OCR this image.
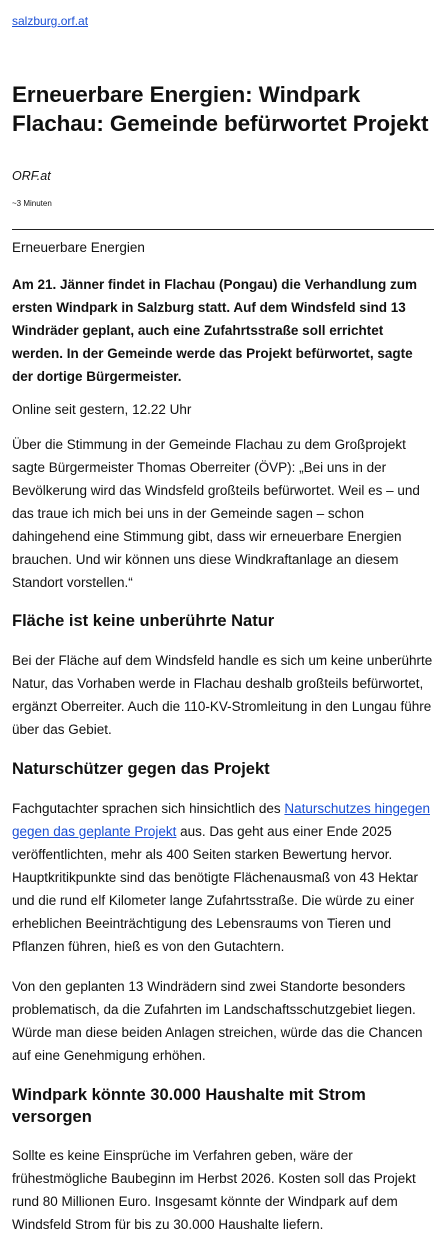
salzburg.orf.at
Erneuerbare Energien: Windpark Flachau: Gemeinde befürwortet Projekt
ORF.at
~3 Minuten
Erneuerbare Energien

Am 21. Jänner findet in Flachau (Pongau) die Verhandlung zum ersten Windpark in Salzburg statt. Auf dem Windsfeld sind 13 Windräder geplant, auch eine Zufahrtsstraße soll errichtet werden. In der Gemeinde werde das Projekt befürwortet, sagte der dortige Bürgermeister.

Online seit gestern, 12.22 Uhr

Über die Stimmung in der Gemeinde Flachau zu dem Großprojekt sagte Bürgermeister Thomas Oberreiter (ÖVP): „Bei uns in der Bevölkerung wird das Windsfeld großteils befürwortet. Weil es – und das traue ich mich bei uns in der Gemeinde sagen – schon dahingehend eine Stimmung gibt, dass wir erneuerbare Energien brauchen. Und wir können uns diese Windkraftanlage an diesem Standort vorstellen.“

Fläche ist keine unberührte Natur

Bei der Fläche auf dem Windsfeld handle es sich um keine unberührte Natur, das Vorhaben werde in Flachau deshalb großteils befürwortet, ergänzt Oberreiter. Auch die 110-KV-Stromleitung in den Lungau führe über das Gebiet.

Naturschützer gegen das Projekt

Fachgutachter sprachen sich hinsichtlich des Naturschutzes hingegen gegen das geplante Projekt aus. Das geht aus einer Ende 2025 veröffentlichten, mehr als 400 Seiten starken Bewertung hervor. Hauptkritikpunkte sind das benötigte Flächenausmaß von 43 Hektar und die rund elf Kilometer lange Zufahrtsstraße. Die würde zu einer erheblichen Beeinträchtigung des Lebensraums von Tieren und Pflanzen führen, hieß es von den Gutachtern.

Von den geplanten 13 Windrädern sind zwei Standorte besonders problematisch, da die Zufahrten im Landschaftsschutzgebiet liegen. Würde man diese beiden Anlagen streichen, würde das die Chancen auf eine Genehmigung erhöhen.

Windpark könnte 30.000 Haushalte mit Strom versorgen

Sollte es keine Einsprüche im Verfahren geben, wäre der frühestmögliche Baubeginn im Herbst 2026. Kosten soll das Projekt rund 80 Millionen Euro. Insgesamt könnte der Windpark auf dem Windsfeld Strom für bis zu 30.000 Haushalte liefern.
